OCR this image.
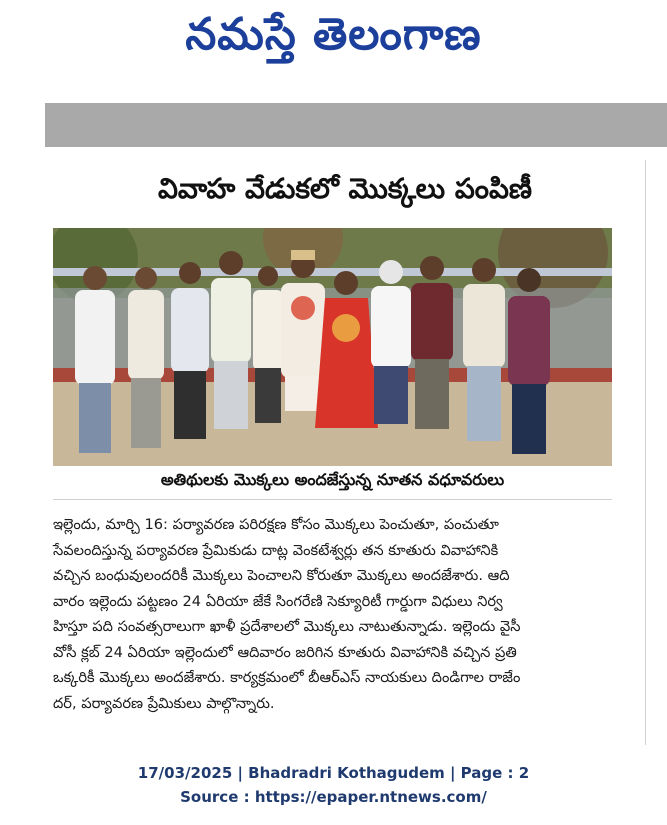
నమస్తే తెలంగాణ
వివాహ వేడుకలో మొక్కలు పంపిణీ
అతిథులకు మొక్కలు అందజేస్తున్న నూతన వధూవరులు

ఇల్లెందు, మార్చి 16: పర్యావరణ పరిరక్షణ కోసం మొక్కలు పెంచుతూ, పంచుతూ

సేవలందిస్తున్న పర్యావరణ ప్రేమికుడు దాట్ల వెంకటేశ్వర్లు తన కూతురు వివాహానికి

వచ్చిన బంధువులందరికీ మొక్కలు పెంచాలని కోరుతూ మొక్కలు అందజేశారు. ఆది

వారం ఇల్లెందు పట్టణం 24 ఏరియా జేకే సింగరేణి సెక్యూరిటీ గార్డుగా విధులు నిర్వ

హిస్తూ పది సంవత్సరాలుగా ఖాళీ ప్రదేశాలలో మొక్కలు నాటుతున్నాడు. ఇల్లెందు వైసీ

వోసీ క్లబ్ 24 ఏరియా ఇల్లెందులో ఆదివారం జరిగిన కూతురు వివాహానికి వచ్చిన ప్రతి

ఒక్కరికీ మొక్కలు అందజేశారు. కార్యక్రమంలో బీఆర్ఎస్ నాయకులు దిండిగాల రాజేం

దర్, పర్యావరణ ప్రేమికులు పాల్గొన్నారు.

17/03/2025 | Bhadradri Kothagudem | Page : 2
Source : https://epaper.ntnews.com/
